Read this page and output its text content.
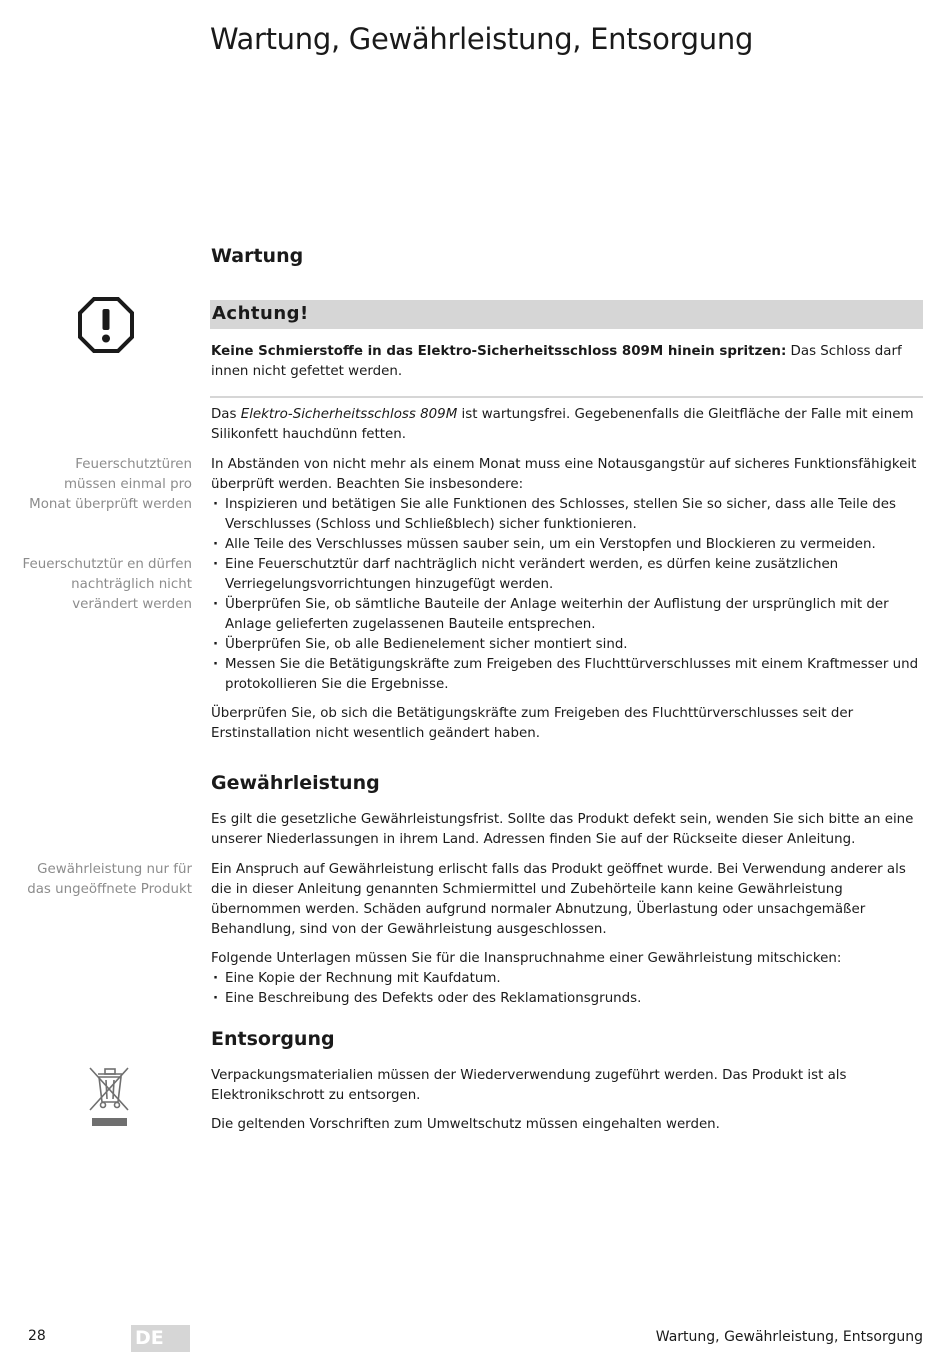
Wartung, Gewährleistung, Entsorgung
Wartung
Achtung!

Keine Schmierstoffe in das Elektro-Sicherheitsschloss 809M hinein spritzen: Das Schloss darf innen nicht gefettet werden.

Das Elektro-Sicherheitsschloss 809M ist wartungsfrei. Gegebenenfalls die Gleitfläche der Falle mit einem Silikonfett hauchdünn fetten.

Feuerschutztüren müssen einmal pro Monat überprüft werden
Feuerschutztür en dürfen nachträglich nicht verändert werden

In Abständen von nicht mehr als einem Monat muss eine Notausgangstür auf sicheres Funktionsfähigkeit überprüft werden. Beachten Sie insbesondere:

· Inspizieren und betätigen Sie alle Funktionen des Schlosses, stellen Sie so sicher, dass alle Teile des Verschlusses (Schloss und Schließblech) sicher funktionieren.
· Alle Teile des Verschlusses müssen sauber sein, um ein Verstopfen und Blockieren zu vermeiden.
· Eine Feuerschutztür darf nachträglich nicht verändert werden, es dürfen keine zusätzlichen Verriegelungsvorrichtungen hinzugefügt werden.
· Überprüfen Sie, ob sämtliche Bauteile der Anlage weiterhin der Auflistung der ursprünglich mit der Anlage gelieferten zugelassenen Bauteile entsprechen.
· Überprüfen Sie, ob alle Bedienelement sicher montiert sind.
· Messen Sie die Betätigungskräfte zum Freigeben des Fluchttürverschlusses mit einem Kraftmesser und protokollieren Sie die Ergebnisse.
Überprüfen Sie, ob sich die Betätigungskräfte zum Freigeben des Fluchttürverschlusses seit der Erstinstallation nicht wesentlich geändert haben.
Gewährleistung
Es gilt die gesetzliche Gewährleistungsfrist. Sollte das Produkt defekt sein, wenden Sie sich bitte an eine unserer Niederlassungen in ihrem Land. Adressen finden Sie auf der Rückseite dieser Anleitung.
Gewährleistung nur für das ungeöffnete Produkt
Ein Anspruch auf Gewährleistung erlischt falls das Produkt geöffnet wurde. Bei Verwendung anderer als die in dieser Anleitung genannten Schmiermittel und Zubehörteile kann keine Gewährleistung übernommen werden. Schäden aufgrund normaler Abnutzung, Überlastung oder unsachgemäßer Behandlung, sind von der Gewährleistung ausgeschlossen.

Folgende Unterlagen müssen Sie für die Inanspruchnahme einer Gewährleistung mitschicken:

· Eine Kopie der Rechnung mit Kaufdatum.
· Eine Beschreibung des Defekts oder des Reklamationsgrunds.
Entsorgung
Verpackungsmaterialien müssen der Wiederverwendung zugeführt werden. Das Produkt ist als Elektronikschrott zu entsorgen.
Die geltenden Vorschriften zum Umweltschutz müssen eingehalten werden.
28	DE	Wartung, Gewährleistung, Entsorgung
